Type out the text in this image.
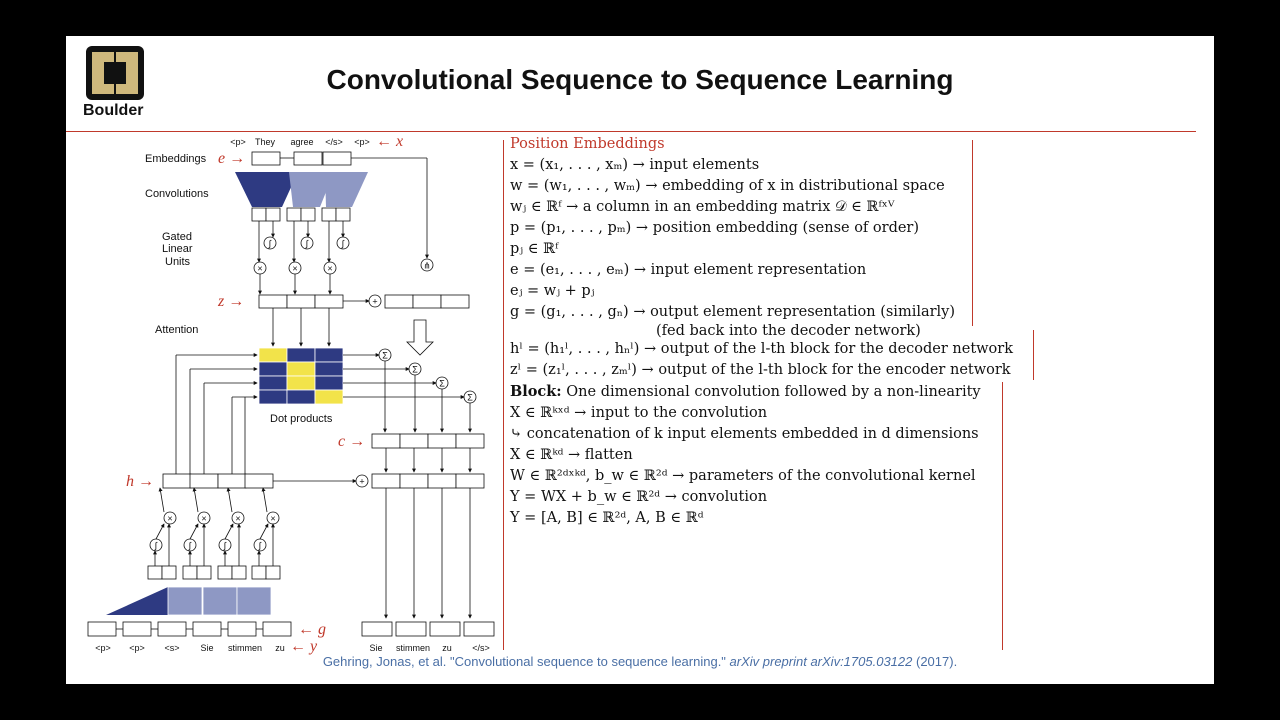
Boulder
Convolutional Sequence to Sequence Learning
<p> They agree </s> <p> ← x
Embeddings e →
Convolutions
Gated
Linear
Units
z →
Attention
Dot products
c →
h →
← g
← y
<p> <p> <s> Sie stimmen zu	Sie stimmen zu </s>
∫	∫	∫
×	×	×
+
⋔
Σ
Σ
Σ
Σ
+
×	×	×	×
∫	∫	∫	∫
Position Embeddings
x = (x₁, . . . , xₘ) → input elements
w = (w₁, . . . , wₘ) → embedding of x in distributional space
wⱼ ∈ ℝᶠ → a column in an embedding matrix 𝒟 ∈ ℝᶠˣⱽ
p = (p₁, . . . , pₘ) → position embedding (sense of order)
pⱼ ∈ ℝᶠ
e = (e₁, . . . , eₘ) → input element representation
eⱼ = wⱼ + pⱼ
g = (g₁, . . . , gₙ) → output element representation (similarly)
(fed back into the decoder network)
hˡ = (h₁ˡ, . . . , hₙˡ) → output of the l-th block for the decoder network
zˡ = (z₁ˡ, . . . , zₘˡ) → output of the l-th block for the encoder network
Block: One dimensional convolution followed by a non-linearity
X ∈ ℝᵏˣᵈ → input to the convolution
⤷ concatenation of k input elements embedded in d dimensions
X ∈ ℝᵏᵈ → flatten
W ∈ ℝ²ᵈˣᵏᵈ, b_w ∈ ℝ²ᵈ → parameters of the convolutional kernel
Y = WX + b_w ∈ ℝ²ᵈ → convolution
Y = [A, B] ∈ ℝ²ᵈ, A, B ∈ ℝᵈ
Gehring, Jonas, et al. "Convolutional sequence to sequence learning." arXiv preprint arXiv:1705.03122 (2017).
